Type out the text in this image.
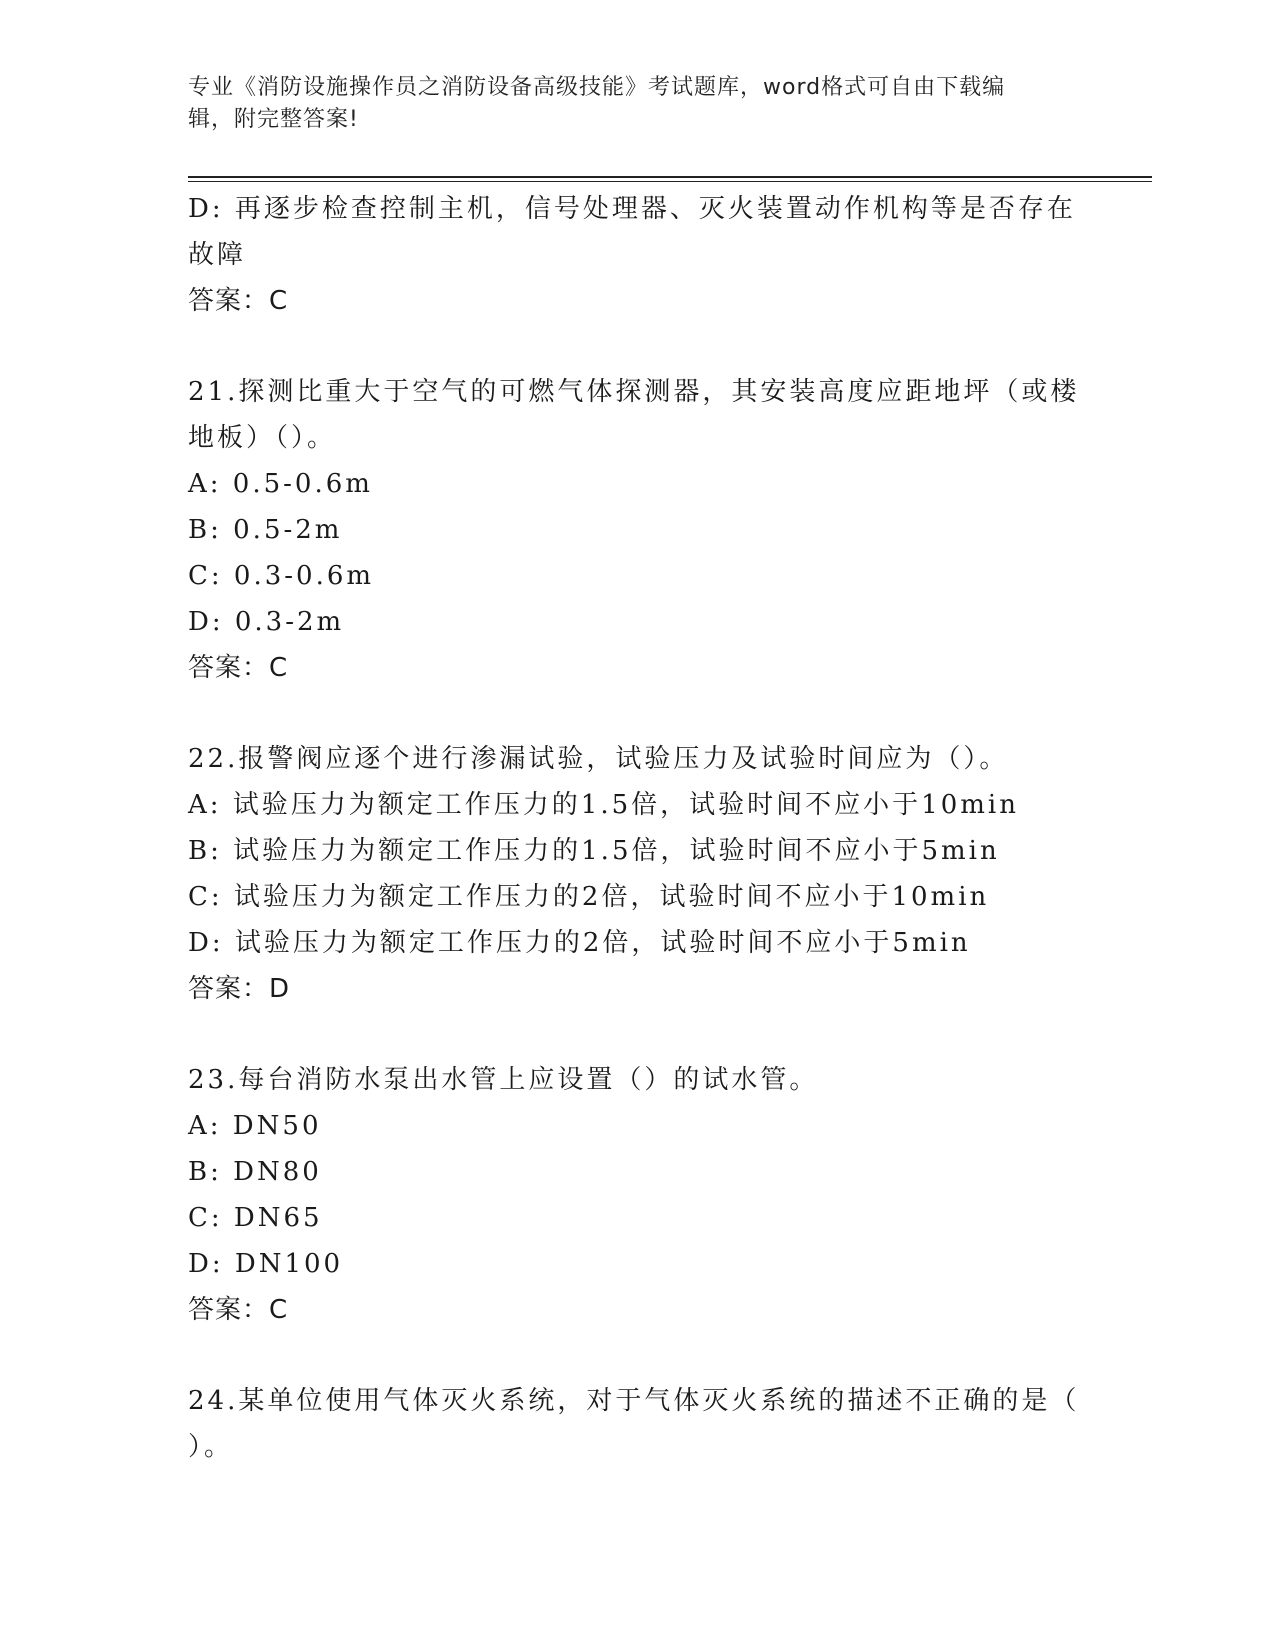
专业《消防设施操作员之消防设备高级技能》考试题库，word格式可自由下载编
辑，附完整答案!
D: 再逐步检查控制主机，信号处理器、灭火装置动作机构等是否存在
故障
答案：C
21.探测比重大于空气的可燃气体探测器，其安装高度应距地坪（或楼
地板）（）。
A: 0.5-0.6m
B: 0.5-2m
C: 0.3-0.6m
D: 0.3-2m
答案：C
22.报警阀应逐个进行渗漏试验，试验压力及试验时间应为（）。
A: 试验压力为额定工作压力的1.5倍，试验时间不应小于10min
B: 试验压力为额定工作压力的1.5倍，试验时间不应小于5min
C: 试验压力为额定工作压力的2倍，试验时间不应小于10min
D: 试验压力为额定工作压力的2倍，试验时间不应小于5min
答案：D
23.每台消防水泵出水管上应设置（）的试水管。
A: DN50
B: DN80
C: DN65
D: DN100
答案：C
24.某单位使用气体灭火系统，对于气体灭火系统的描述不正确的是（
）。
